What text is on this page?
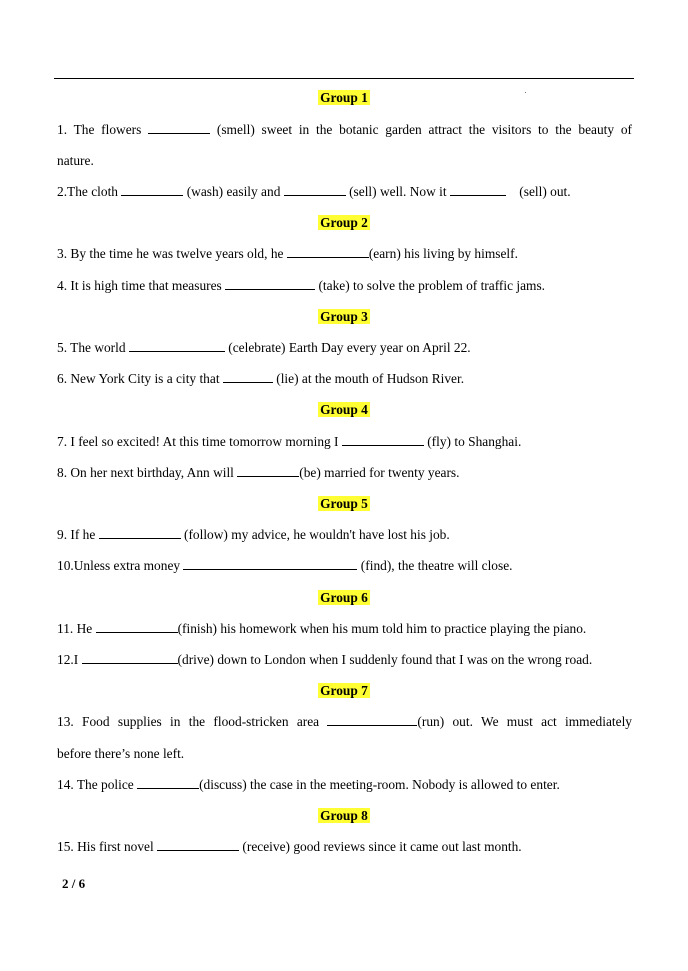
Group 1
1. The flowers	(smell) sweet in the botanic garden attract the visitors to the beauty of
nature.
2.The cloth	(wash) easily and	(sell) well. Now it	(sell) out.
Group 2
3. By the time he was twelve years old, he	(earn) his living by himself.
4. It is high time that measures	(take) to solve the problem of traffic jams.
Group 3
5. The world	(celebrate) Earth Day every year on April 22.
6. New York City is a city that	(lie) at the mouth of Hudson River.
Group 4
7. I feel so excited! At this time tomorrow morning I	(fly) to Shanghai.
8. On her next birthday, Ann will	(be) married for twenty years.
Group 5
9. If he	(follow) my advice, he wouldn't have lost his job.
10.Unless extra money	(find), the theatre will close.
Group 6
11. He	(finish) his homework when his mum told him to practice playing the piano.
12.I	(drive) down to London when I suddenly found that I was on the wrong road.
Group 7
13. Food supplies in the flood-stricken area	(run) out. We must act immediately
before there’s none left.
14. The police	(discuss) the case in the meeting-room. Nobody is allowed to enter.
Group 8
15. His first novel	(receive) good reviews since it came out last month.
2 / 6
